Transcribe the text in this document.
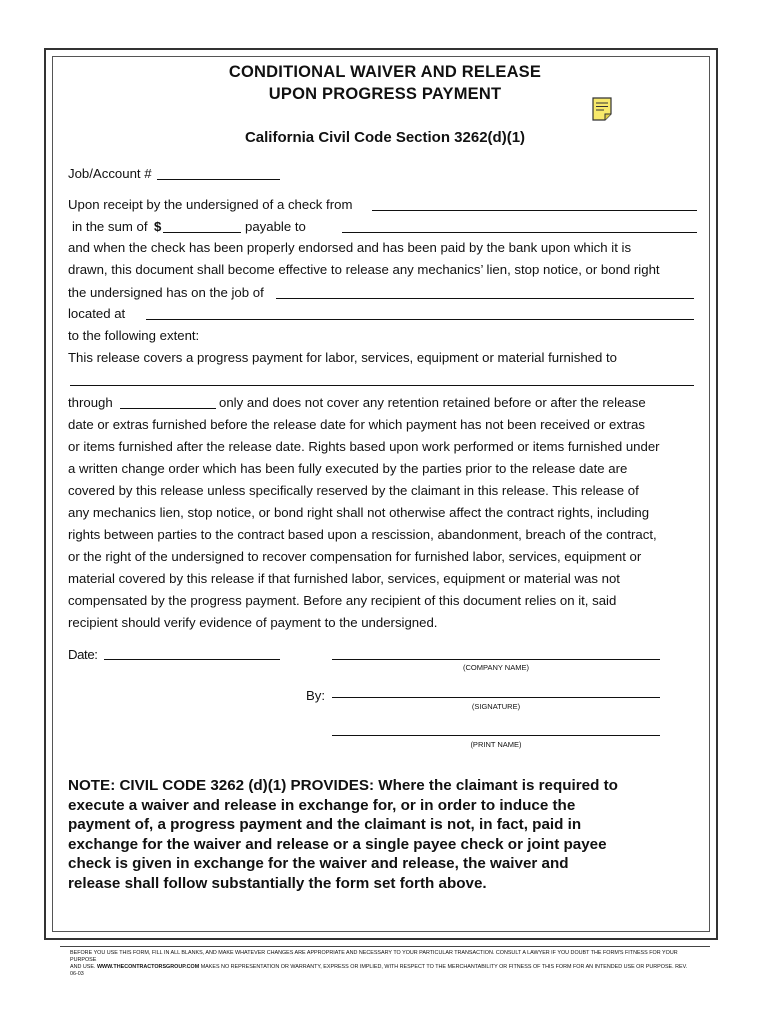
CONDITIONAL WAIVER AND RELEASE
UPON PROGRESS PAYMENT
California Civil Code Section 3262(d)(1)
Job/Account #
Upon receipt by the undersigned of a check from
in the sum of $	payable to
and when the check has been properly endorsed and has been paid by the bank upon which it is
drawn, this document shall become effective to release any mechanics’ lien, stop notice, or bond right
the undersigned has on the job of
located at
to the following extent:
This release covers a progress payment for labor, services, equipment or material furnished to
through	only and does not cover any retention retained before or after the release
date or extras furnished before the release date for which payment has not been received or extras
or items furnished after the release date. Rights based upon work performed or items furnished under
a written change order which has been fully executed by the parties prior to the release date are
covered by this release unless specifically reserved by the claimant in this release. This release of
any mechanics lien, stop notice, or bond right shall not otherwise affect the contract rights, including
rights between parties to the contract based upon a rescission, abandonment, breach of the contract,
or the right of the undersigned to recover compensation for furnished labor, services, equipment or
material covered by this release if that furnished labor, services, equipment or material was not
compensated by the progress payment. Before any recipient of this document relies on it, said
recipient should verify evidence of payment to the undersigned.
Date:
(COMPANY NAME)
By:
(SIGNATURE)
(PRINT NAME)
NOTE: CIVIL CODE 3262 (d)(1) PROVIDES: Where the claimant is required to
execute a waiver and release in exchange for, or in order to induce the
payment of, a progress payment and the claimant is not, in fact, paid in
exchange for the waiver and release or a single payee check or joint payee
check is given in exchange for the waiver and release, the waiver and
release shall follow substantially the form set forth above.
BEFORE YOU USE THIS FORM, FILL IN ALL BLANKS, AND MAKE WHATEVER CHANGES ARE APPROPRIATE AND NECESSARY TO YOUR PARTICULAR TRANSACTION. CONSULT A LAWYER IF YOU DOUBT THE FORM'S FITNESS FOR YOUR PURPOSE
AND USE. WWW.THECONTRACTORSGROUP.COM MAKES NO REPRESENTATION OR WARRANTY, EXPRESS OR IMPLIED, WITH RESPECT TO THE MERCHANTABILITY OR FITNESS OF THIS FORM FOR AN INTENDED USE OR PURPOSE. REV. 06-03
